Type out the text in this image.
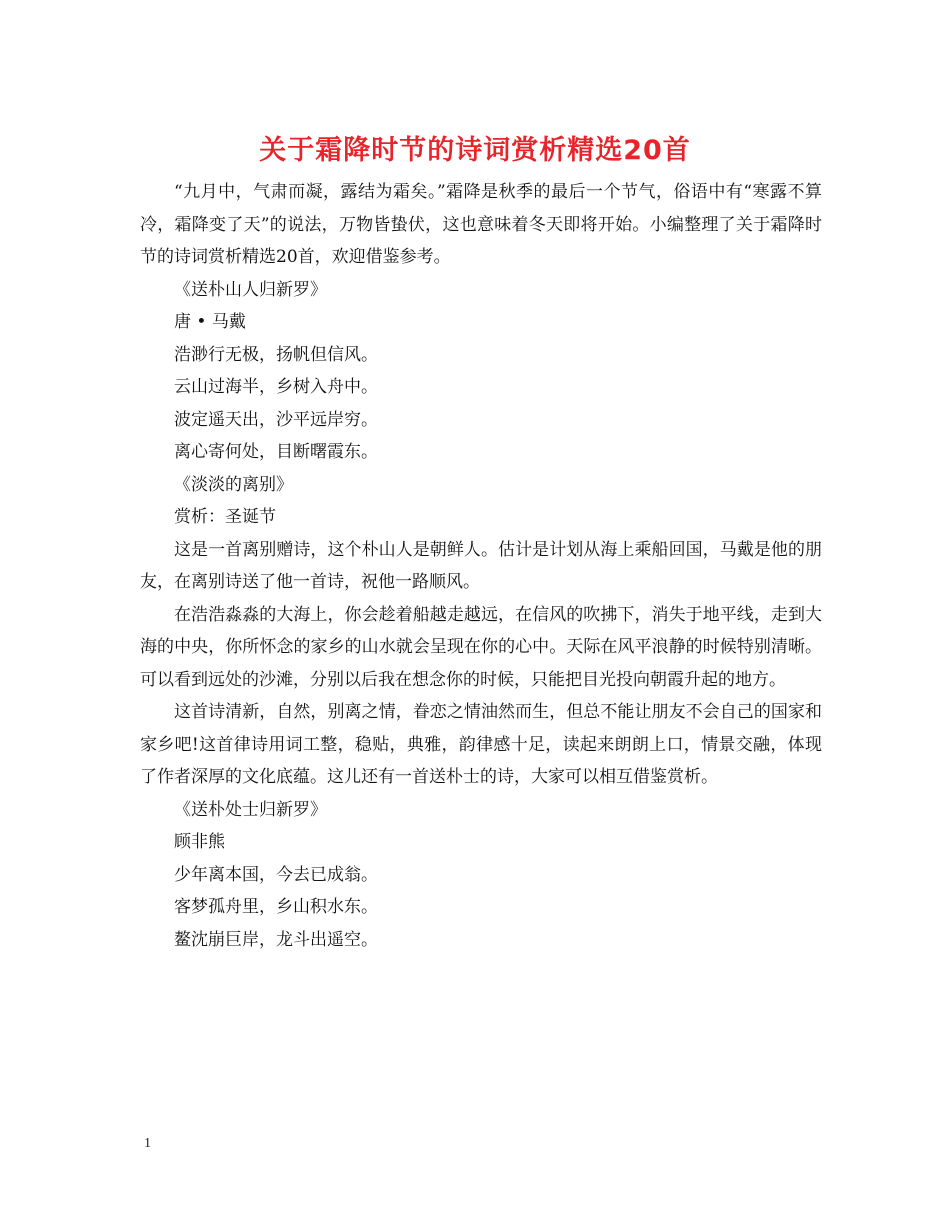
关于霜降时节的诗词赏析精选20首

“九月中，气肃而凝，露结为霜矣。”霜降是秋季的最后一个节气，俗语中有“寒露不算冷，霜降变了天”的说法，万物皆蛰伏，这也意味着冬天即将开始。小编整理了关于霜降时节的诗词赏析精选20首，欢迎借鉴参考。

《送朴山人归新罗》

唐 • 马戴

浩渺行无极，扬帆但信风。

云山过海半，乡树入舟中。

波定遥天出，沙平远岸穷。

离心寄何处，目断曙霞东。

《淡淡的离别》

赏析：圣诞节

这是一首离别赠诗，这个朴山人是朝鲜人。估计是计划从海上乘船回国，马戴是他的朋友，在离别诗送了他一首诗，祝他一路顺风。

在浩浩淼淼的大海上，你会趁着船越走越远，在信风的吹拂下，消失于地平线，走到大海的中央，你所怀念的家乡的山水就会呈现在你的心中。天际在风平浪静的时候特别清晰。可以看到远处的沙滩，分别以后我在想念你的时候，只能把目光投向朝霞升起的地方。

这首诗清新，自然，别离之情，眷恋之情油然而生，但总不能让朋友不会自己的国家和家乡吧!这首律诗用词工整，稳贴，典雅，韵律感十足，读起来朗朗上口，情景交融，体现了作者深厚的文化底蕴。这儿还有一首送朴士的诗，大家可以相互借鉴赏析。

《送朴处士归新罗》

顾非熊

少年离本国，今去已成翁。

客梦孤舟里，乡山积水东。

鳌沈崩巨岸，龙斗出遥空。

1
